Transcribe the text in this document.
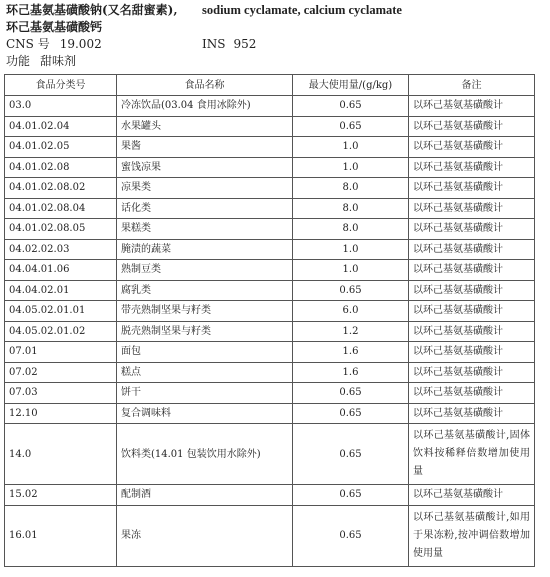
环己基氨基磺酸钠(又名甜蜜素), sodium cyclamate, calcium cyclamate
环己基氨基磺酸钙
CNS 号 19.002	INS 952
功能 甜味剂
食品分类号	食品名称	最大使用量/(g/kg)	备注
03.0	冷冻饮品(03.04 食用冰除外)	0.65	以环己基氨基磺酸计
04.01.02.04	水果罐头	0.65	以环己基氨基磺酸计
04.01.02.05	果酱	1.0	以环己基氨基磺酸计
04.01.02.08	蜜饯凉果	1.0	以环己基氨基磺酸计
04.01.02.08.02	凉果类	8.0	以环己基氨基磺酸计
04.01.02.08.04	话化类	8.0	以环己基氨基磺酸计
04.01.02.08.05	果糕类	8.0	以环己基氨基磺酸计
04.02.02.03	腌渍的蔬菜	1.0	以环己基氨基磺酸计
04.04.01.06	熟制豆类	1.0	以环己基氨基磺酸计
04.04.02.01	腐乳类	0.65	以环己基氨基磺酸计
04.05.02.01.01	带壳熟制坚果与籽类	6.0	以环己基氨基磺酸计
04.05.02.01.02	脱壳熟制坚果与籽类	1.2	以环己基氨基磺酸计
07.01	面包	1.6	以环己基氨基磺酸计
07.02	糕点	1.6	以环己基氨基磺酸计
07.03	饼干	0.65	以环己基氨基磺酸计
12.10	复合调味料	0.65	以环己基氨基磺酸计
14.0	饮料类(14.01 包装饮用水除外)	0.65	以环己基氨基磺酸计,固体饮料按稀释倍数增加使用量
15.02	配制酒	0.65	以环己基氨基磺酸计
16.01	果冻	0.65	以环己基氨基磺酸计,如用于果冻粉,按冲调倍数增加使用量
